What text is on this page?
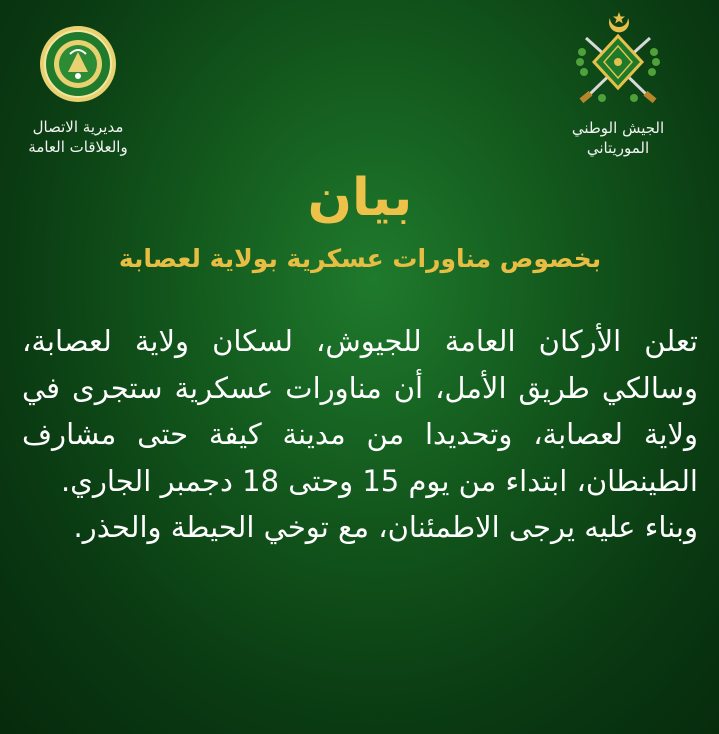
الجيش الوطني
الموريتاني
مديرية الاتصال
والعلاقات العامة
بيان
بخصوص مناورات عسكرية بولاية لعصابة

تعلن الأركان العامة للجيوش، لسكان ولاية لعصابة، وسالكي طريق الأمل، أن مناورات عسكرية ستجرى في ولاية لعصابة، وتحديدا من مدينة كيفة حتى مشارف الطينطان، ابتداء من يوم 15 وحتى 18 دجمبر الجاري.

وبناء عليه يرجى الاطمئنان، مع توخي الحيطة والحذر.
